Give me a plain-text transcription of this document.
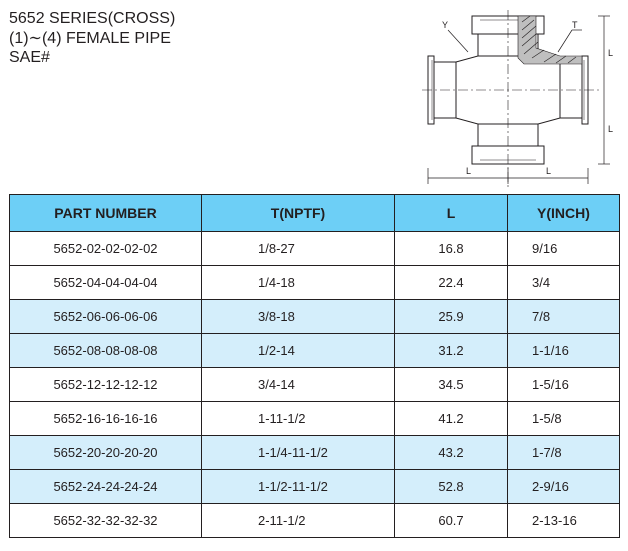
5652 SERIES(CROSS)
(1)∼(4) FEMALE PIPE
SAE#
Y	T
L
L
L	L
PART NUMBER	T(NPTF)	L	Y(INCH)
5652-02-02-02-02	1/8-27	16.8	9/16
5652-04-04-04-04	1/4-18	22.4	3/4
5652-06-06-06-06	3/8-18	25.9	7/8
5652-08-08-08-08	1/2-14	31.2	1-1/16
5652-12-12-12-12	3/4-14	34.5	1-5/16
5652-16-16-16-16	1-11-1/2	41.2	1-5/8
5652-20-20-20-20	1-1/4-11-1/2	43.2	1-7/8
5652-24-24-24-24	1-1/2-11-1/2	52.8	2-9/16
5652-32-32-32-32	2-11-1/2	60.7	2-13-16
